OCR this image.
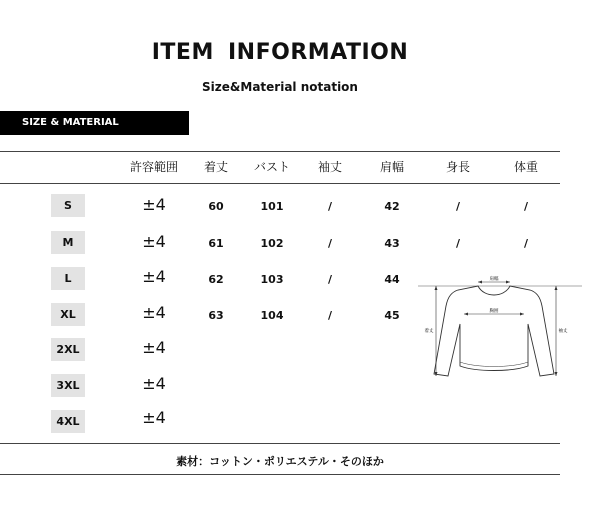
ITEM INFORMATION
Size&Material notation
SIZE & MATERIAL
許容範囲	着丈	バスト	袖丈	肩幅	身長	体重
S	±4	60	101	/	42	/	/
M	±4	61	102	/	43	/	/
L	±4	62	103	/	44
XL	±4	63	104	/	45
2XL	±4
3XL	±4
4XL	±4
肩幅
胸囲
着丈	袖丈
素材：コットン・ポリエステル・そのほか
